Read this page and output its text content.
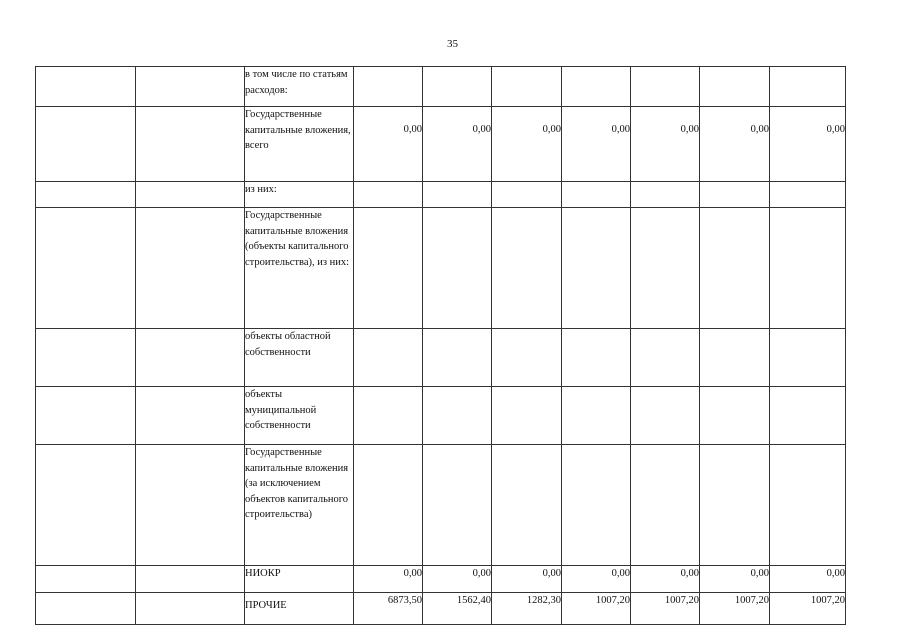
35
		в том числе по статьям расходов:							
		Государственные капитальные вложения, всего	0,00	0,00	0,00	0,00	0,00	0,00	0,00
		из них:							
		Государственные капитальные вложения (объекты капитального строительства), из них:							
		объекты областной собственности							
		объекты муниципальной собственности							
		Государственные капитальные вложения (за исключением объектов капитального строительства)							
		НИОКР	0,00	0,00	0,00	0,00	0,00	0,00	0,00
		ПРОЧИЕ	6873,50	1562,40	1282,30	1007,20	1007,20	1007,20	1007,20
